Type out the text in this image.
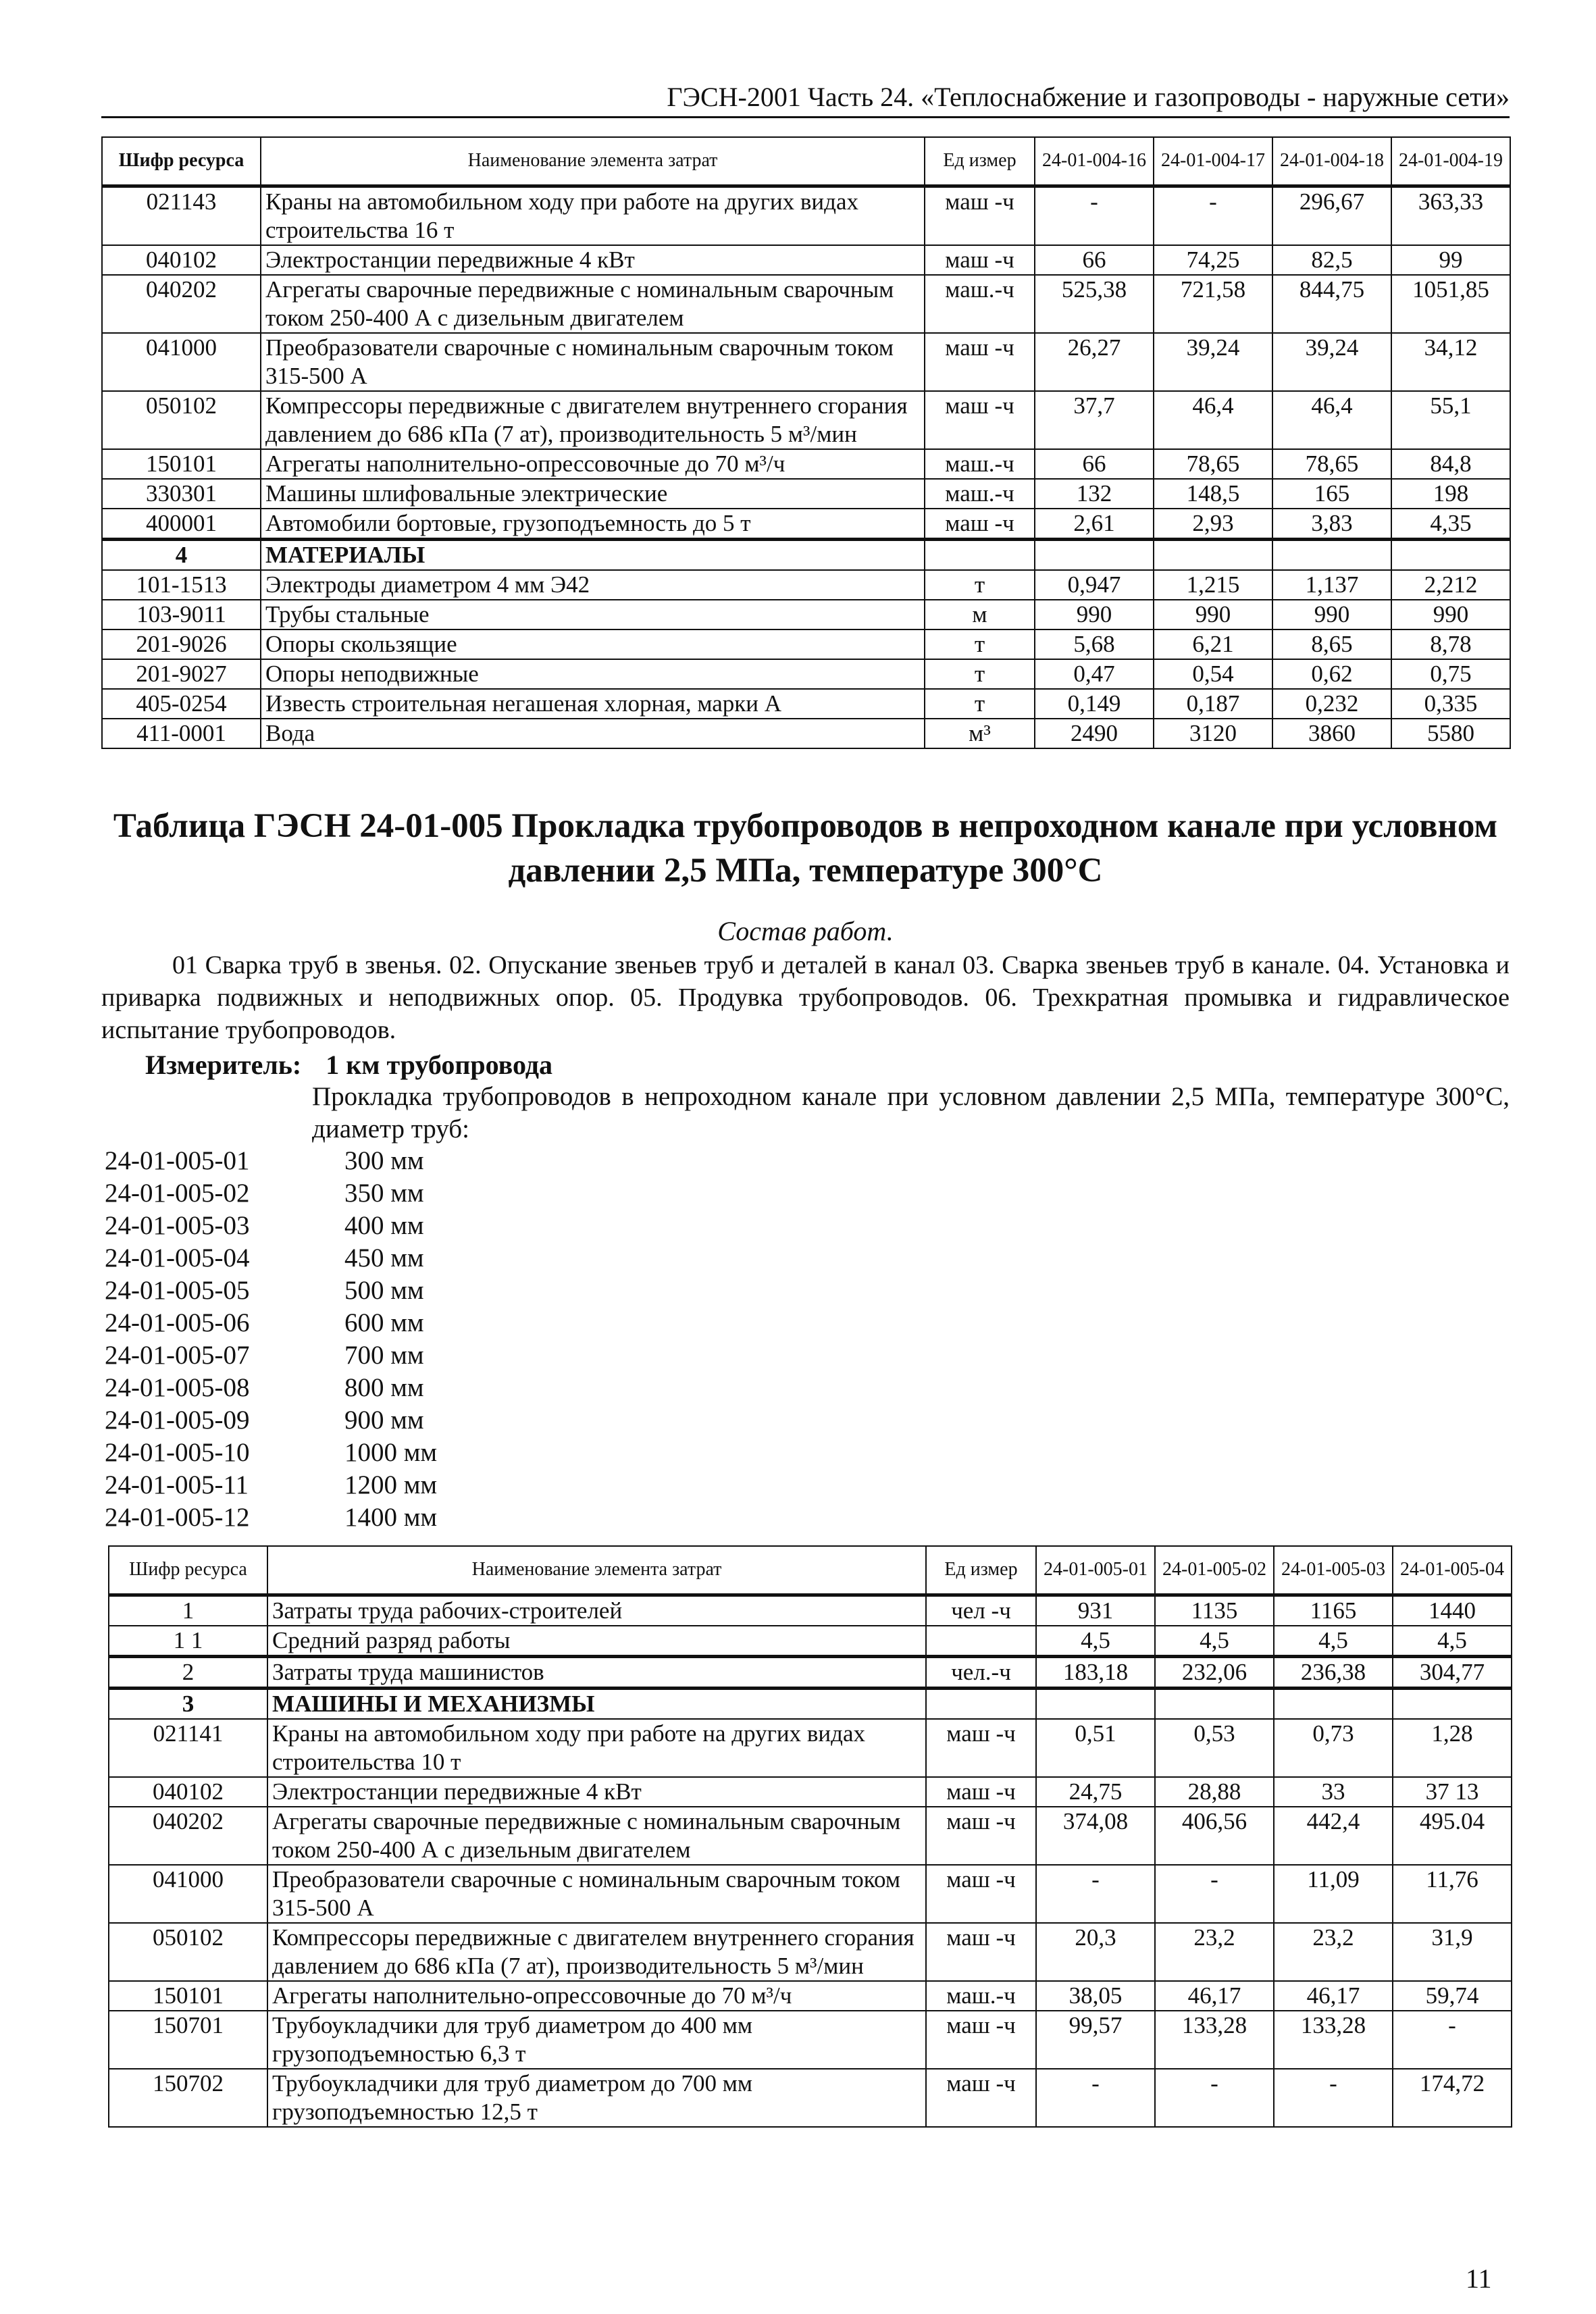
ГЭСН-2001 Часть 24. «Теплоснабжение и газопроводы - наружные сети»
Шифр ресурса	Наименование элемента затрат	Ед измер	24-01-004-16	24-01-004-17	24-01-004-18	24-01-004-19
021143	Краны на автомобильном ходу при работе на других видах строительства 16 т	маш -ч	-	-	296,67	363,33
040102	Электростанции передвижные 4 кВт	маш -ч	66	74,25	82,5	99
040202	Агрегаты сварочные передвижные с номинальным сварочным током 250-400 А с дизельным двигателем	маш.-ч	525,38	721,58	844,75	1051,85
041000	Преобразователи сварочные с номинальным сварочным током 315-500 А	маш -ч	26,27	39,24	39,24	34,12
050102	Компрессоры передвижные с двигателем внутреннего сгорания давлением до 686 кПа (7 ат), производительность 5 м³/мин	маш -ч	37,7	46,4	46,4	55,1
150101	Агрегаты наполнительно-опрессовочные до 70 м³/ч	маш.-ч	66	78,65	78,65	84,8
330301	Машины шлифовальные электрические	маш.-ч	132	148,5	165	198
400001	Автомобили бортовые, грузоподъемность до 5 т	маш -ч	2,61	2,93	3,83	4,35
4	МАТЕРИАЛЫ					
101-1513	Электроды диаметром 4 мм Э42	т	0,947	1,215	1,137	2,212
103-9011	Трубы стальные	м	990	990	990	990
201-9026	Опоры скользящие	т	5,68	6,21	8,65	8,78
201-9027	Опоры неподвижные	т	0,47	0,54	0,62	0,75
405-0254	Известь строительная негашеная хлорная, марки А	т	0,149	0,187	0,232	0,335
411-0001	Вода	м³	2490	3120	3860	5580
Таблица ГЭСН 24-01-005 Прокладка трубопроводов в непроходном канале при условном давлении 2,5 МПа, температуре 300°С
Состав работ.
01 Сварка труб в звенья. 02. Опускание звеньев труб и деталей в канал 03. Сварка звеньев труб в канале. 04. Установка и приварка подвижных и неподвижных опор. 05. Продувка трубопроводов. 06. Трехкратная промывка и гидравлическое испытание трубопроводов.
Измеритель: 1 км трубопровода
Прокладка трубопроводов в непроходном канале при условном давлении 2,5 МПа, температуре 300°С, диаметр труб:
24-01-005-01	300 мм
24-01-005-02	350 мм
24-01-005-03	400 мм
24-01-005-04	450 мм
24-01-005-05	500 мм
24-01-005-06	600 мм
24-01-005-07	700 мм
24-01-005-08	800 мм
24-01-005-09	900 мм
24-01-005-10	1000 мм
24-01-005-11	1200 мм
24-01-005-12	1400 мм
Шифр ресурса	Наименование элемента затрат	Ед измер	24-01-005-01	24-01-005-02	24-01-005-03	24-01-005-04
1	Затраты труда рабочих-строителей	чел -ч	931	1135	1165	1440
1 1	Средний разряд работы		4,5	4,5	4,5	4,5
2	Затраты труда машинистов	чел.-ч	183,18	232,06	236,38	304,77
3	МАШИНЫ И МЕХАНИЗМЫ					
021141	Краны на автомобильном ходу при работе на других видах строительства 10 т	маш -ч	0,51	0,53	0,73	1,28
040102	Электростанции передвижные 4 кВт	маш -ч	24,75	28,88	33	37 13
040202	Агрегаты сварочные передвижные с номинальным сварочным током 250-400 А с дизельным двигателем	маш -ч	374,08	406,56	442,4	495.04
041000	Преобразователи сварочные с номинальным сварочным током 315-500 А	маш -ч	-	-	11,09	11,76
050102	Компрессоры передвижные с двигателем внутреннего сгорания давлением до 686 кПа (7 ат), производительность 5 м³/мин	маш -ч	20,3	23,2	23,2	31,9
150101	Агрегаты наполнительно-опрессовочные до 70 м³/ч	маш.-ч	38,05	46,17	46,17	59,74
150701	Трубоукладчики для труб диаметром до 400 мм грузоподъемностью 6,3 т	маш -ч	99,57	133,28	133,28	-
150702	Трубоукладчики для труб диаметром до 700 мм грузоподъемностью 12,5 т	маш -ч	-	-	-	174,72
11
